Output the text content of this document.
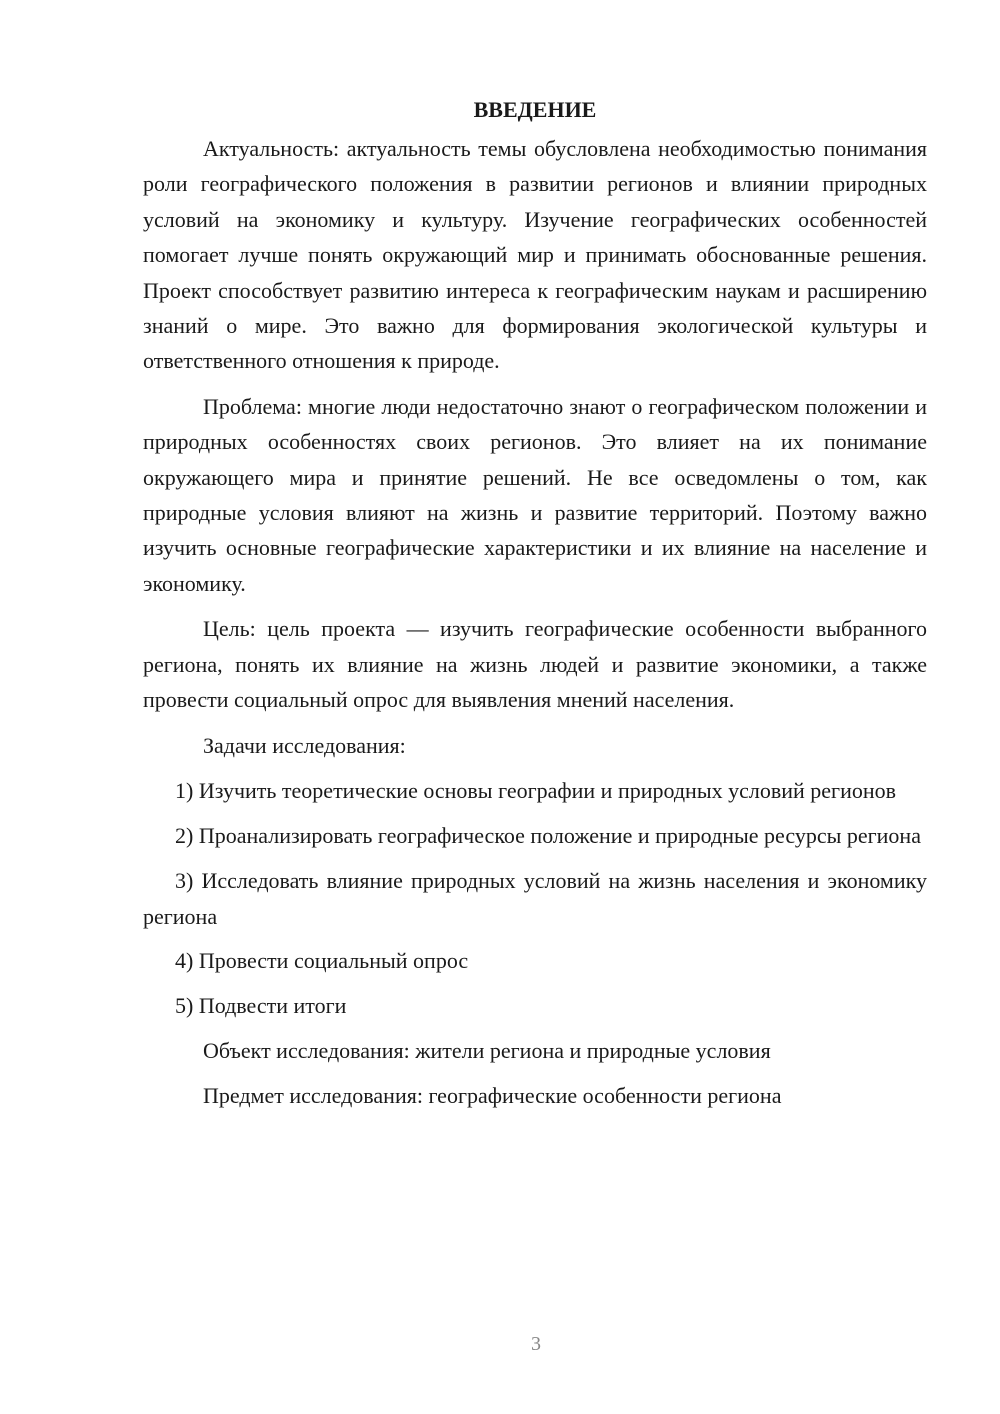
ВВЕДЕНИЕ

Актуальность: актуальность темы обусловлена необходимостью понимания роли географического положения в развитии регионов и влиянии природных условий на экономику и культуру. Изучение географических особенностей помогает лучше понять окружающий мир и принимать обоснованные решения. Проект способствует развитию интереса к географическим наукам и расширению знаний о мире. Это важно для формирования экологической культуры и ответственного отношения к природе.

Проблема: многие люди недостаточно знают о географическом положении и природных особенностях своих регионов. Это влияет на их понимание окружающего мира и принятие решений. Не все осведомлены о том, как природные условия влияют на жизнь и развитие территорий. Поэтому важно изучить основные географические характеристики и их влияние на население и экономику.

Цель: цель проекта — изучить географические особенности выбранного региона, понять их влияние на жизнь людей и развитие экономики, а также провести социальный опрос для выявления мнений населения.

Задачи исследования:

1) Изучить теоретические основы географии и природных условий регионов

2) Проанализировать географическое положение и природные ресурсы региона

3) Исследовать влияние природных условий на жизнь населения и экономику региона

4) Провести социальный опрос

5) Подвести итоги

Объект исследования: жители региона и природные условия

Предмет исследования: географические особенности региона

3
